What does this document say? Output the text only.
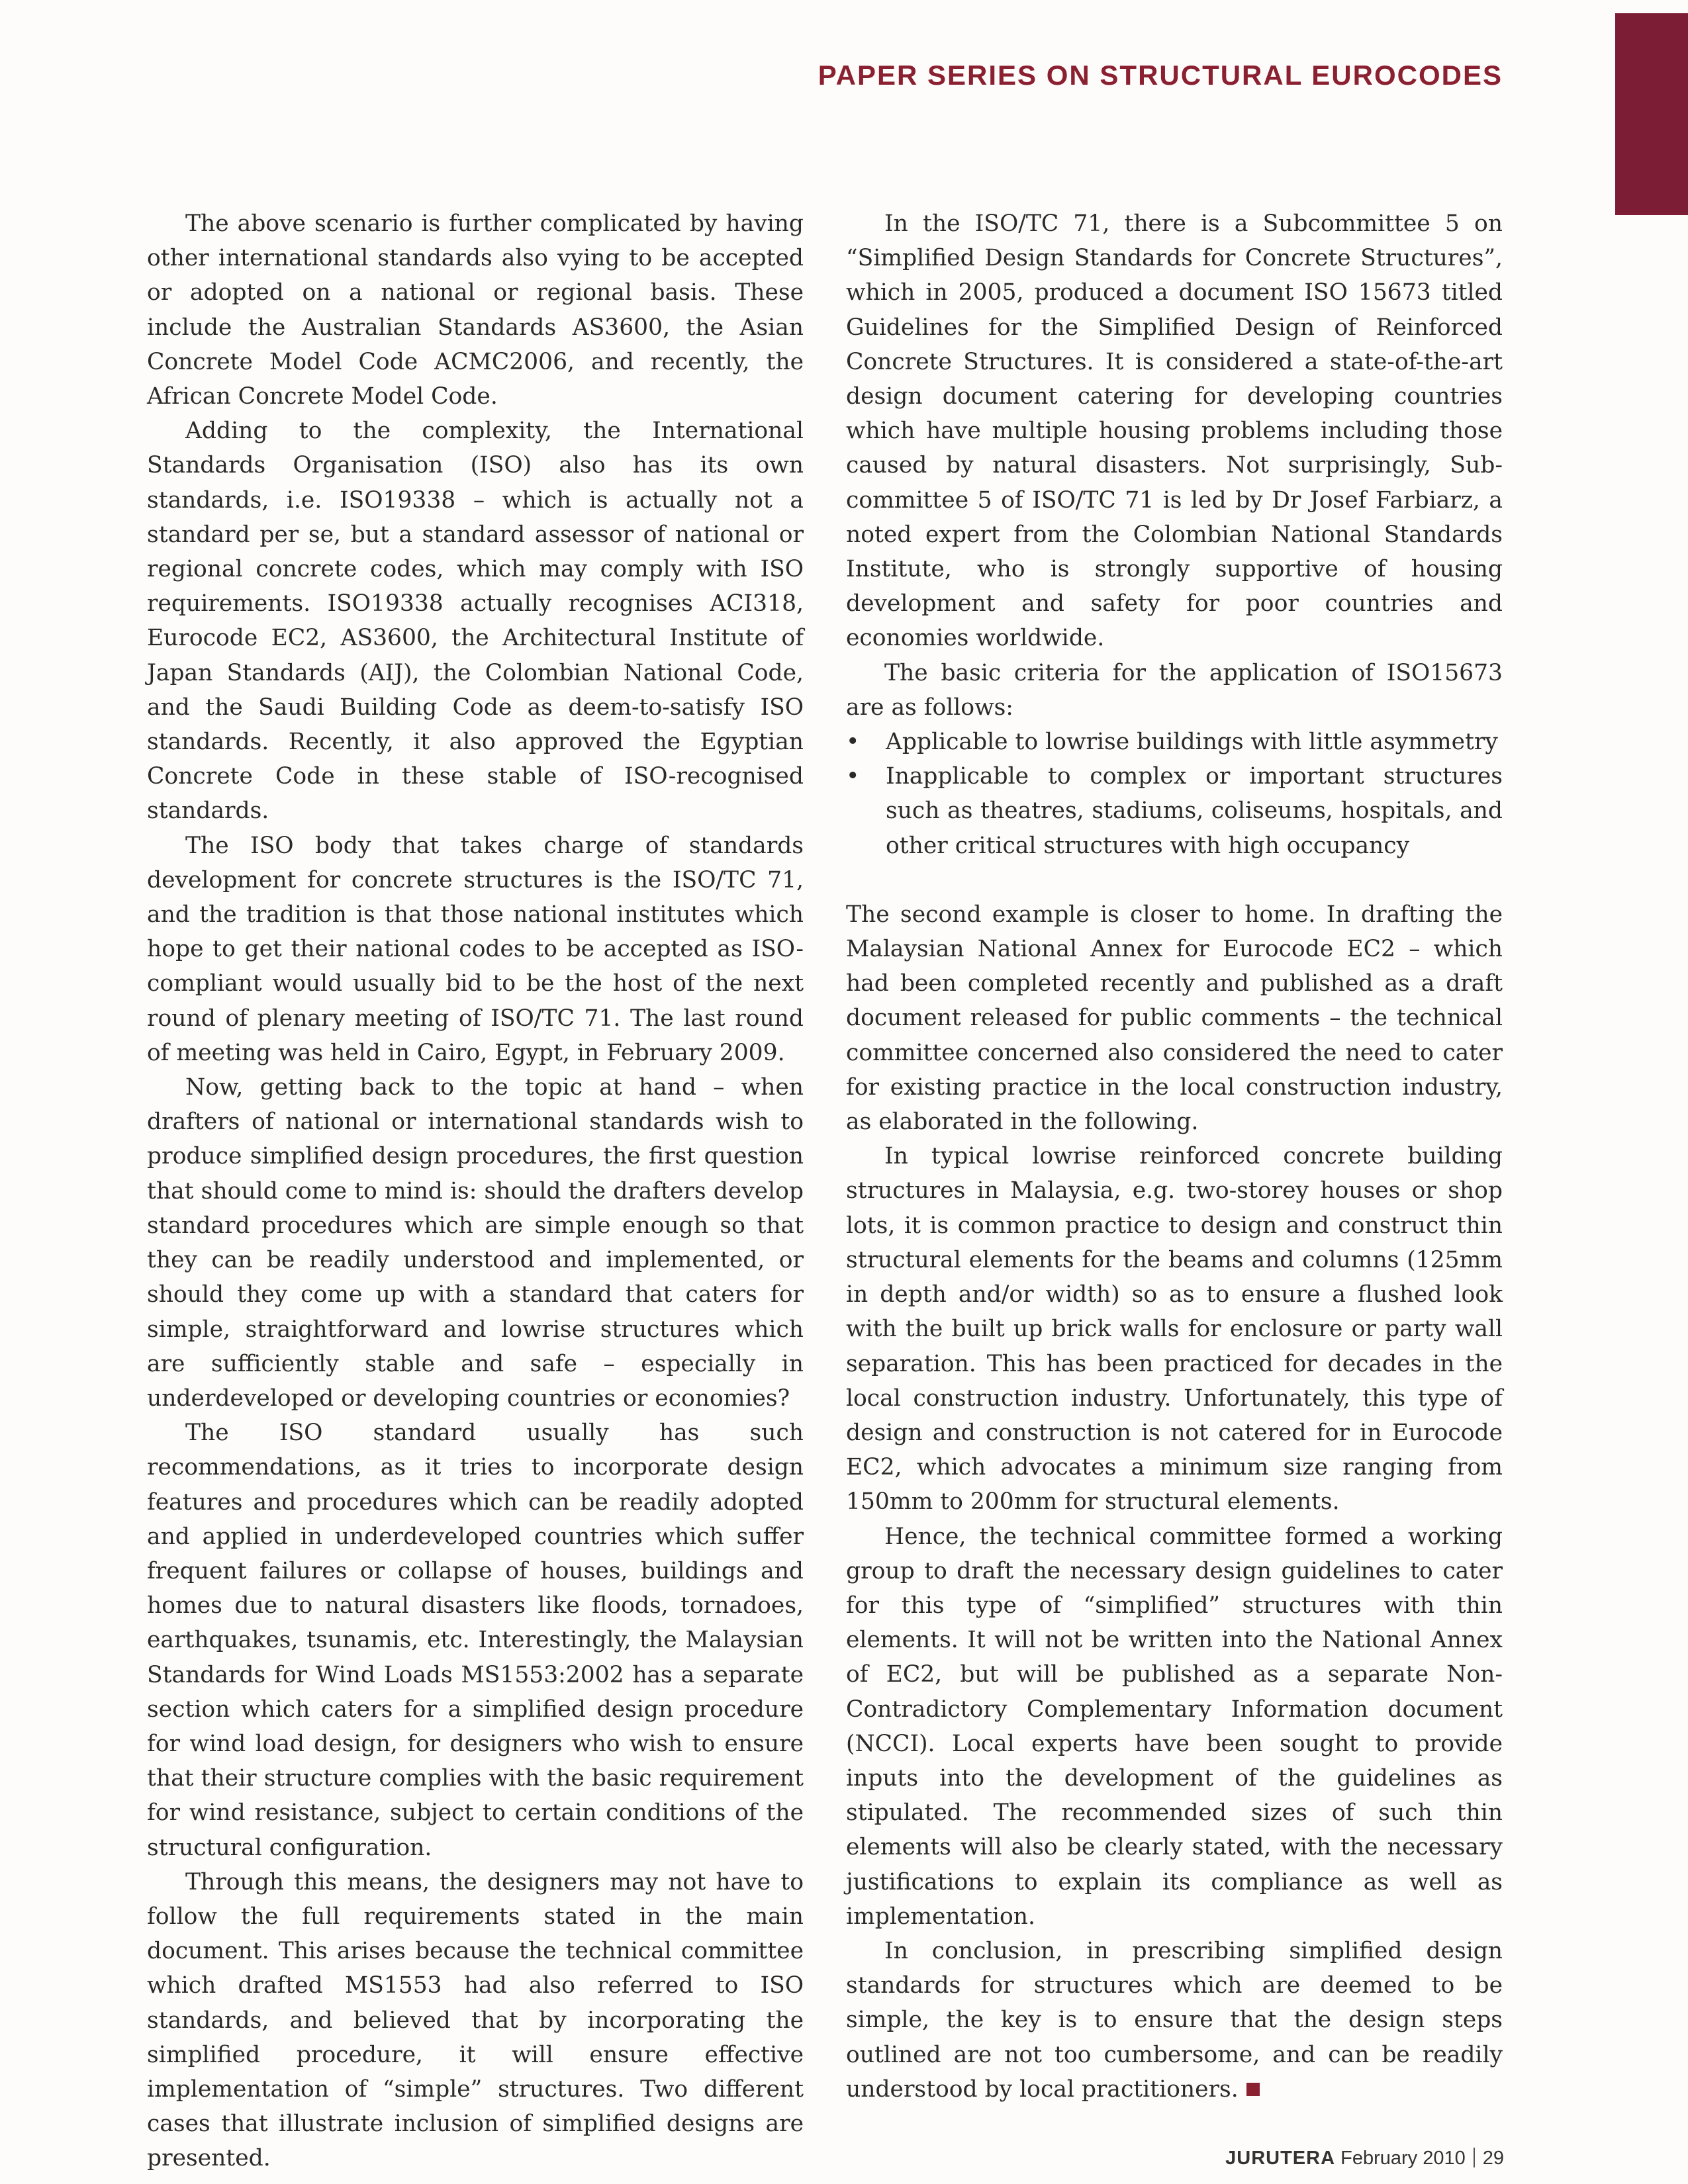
PAPER SERIES ON STRUCTURAL EUROCODES

The above scenario is further complicated by having other international standards also vying to be accepted or adopted on a national or regional basis. These include the Australian Standards AS3600, the Asian Concrete Model Code ACMC2006, and recently, the African Concrete Model Code.

Adding to the complexity, the International Standards Organisation (ISO) also has its own standards, i.e. ISO19338 – which is actually not a standard per se, but a standard assessor of national or regional concrete codes, which may comply with ISO requirements. ISO19338 actually recognises ACI318, Eurocode EC2, AS3600, the Architectural Institute of Japan Standards (AIJ), the Colombian National Code, and the Saudi Building Code as deem-to-satisfy ISO standards. Recently, it also approved the Egyptian Concrete Code in these stable of ISO-recognised standards.

The ISO body that takes charge of standards development for concrete structures is the ISO/TC 71, and the tradition is that those national institutes which hope to get their national codes to be accepted as ISO-compliant would usually bid to be the host of the next round of plenary meeting of ISO/TC 71. The last round of meeting was held in Cairo, Egypt, in February 2009.

Now, getting back to the topic at hand – when drafters of national or international standards wish to produce simplified design procedures, the first question that should come to mind is: should the drafters develop standard procedures which are simple enough so that they can be readily understood and implemented, or should they come up with a standard that caters for simple, straightforward and lowrise structures which are sufficiently stable and safe – especially in underdeveloped or developing countries or economies?

The ISO standard usually has such recommendations, as it tries to incorporate design features and procedures which can be readily adopted and applied in underdeveloped countries which suffer frequent failures or collapse of houses, buildings and homes due to natural disasters like floods, tornadoes, earthquakes, tsunamis, etc. Interestingly, the Malaysian Standards for Wind Loads MS1553:2002 has a separate section which caters for a simplified design procedure for wind load design, for designers who wish to ensure that their structure complies with the basic requirement for wind resistance, subject to certain conditions of the structural configuration.

Through this means, the designers may not have to follow the full requirements stated in the main document. This arises because the technical committee which drafted MS1553 had also referred to ISO standards, and believed that by incorporating the simplified procedure, it will ensure effective implementation of “simple” structures. Two different cases that illustrate inclusion of simplified designs are presented.

In the ISO/TC 71, there is a Subcommittee 5 on “Simplified Design Standards for Concrete Structures”, which in 2005, produced a document ISO 15673 titled Guidelines for the Simplified Design of Reinforced Concrete Structures. It is considered a state-of-the-art design document catering for developing countries which have multiple housing problems including those caused by natural disasters. Not surprisingly, Sub-committee 5 of ISO/TC 71 is led by Dr Josef Farbiarz, a noted expert from the Colombian National Standards Institute, who is strongly supportive of housing development and safety for poor countries and economies worldwide.

The basic criteria for the application of ISO15673 are as follows:

• Applicable to lowrise buildings with little asymmetry
• Inapplicable to complex or important structures such as theatres, stadiums, coliseums, hospitals, and other critical structures with high occupancy

The second example is closer to home. In drafting the Malaysian National Annex for Eurocode EC2 – which had been completed recently and published as a draft document released for public comments – the technical committee concerned also considered the need to cater for existing practice in the local construction industry, as elaborated in the following.

In typical lowrise reinforced concrete building structures in Malaysia, e.g. two-storey houses or shop lots, it is common practice to design and construct thin structural elements for the beams and columns (125mm in depth and/or width) so as to ensure a flushed look with the built up brick walls for enclosure or party wall separation. This has been practiced for decades in the local construction industry. Unfortunately, this type of design and construction is not catered for in Eurocode EC2, which advocates a minimum size ranging from 150mm to 200mm for structural elements.

Hence, the technical committee formed a working group to draft the necessary design guidelines to cater for this type of “simplified” structures with thin elements. It will not be written into the National Annex of EC2, but will be published as a separate Non-Contradictory Complementary Information document (NCCI). Local experts have been sought to provide inputs into the development of the guidelines as stipulated. The recommended sizes of such thin elements will also be clearly stated, with the necessary justifications to explain its compliance as well as implementation.

In conclusion, in prescribing simplified design standards for structures which are deemed to be simple, the key is to ensure that the design steps outlined are not too cumbersome, and can be readily understood by local practitioners.

JURUTERA February 2010 29
